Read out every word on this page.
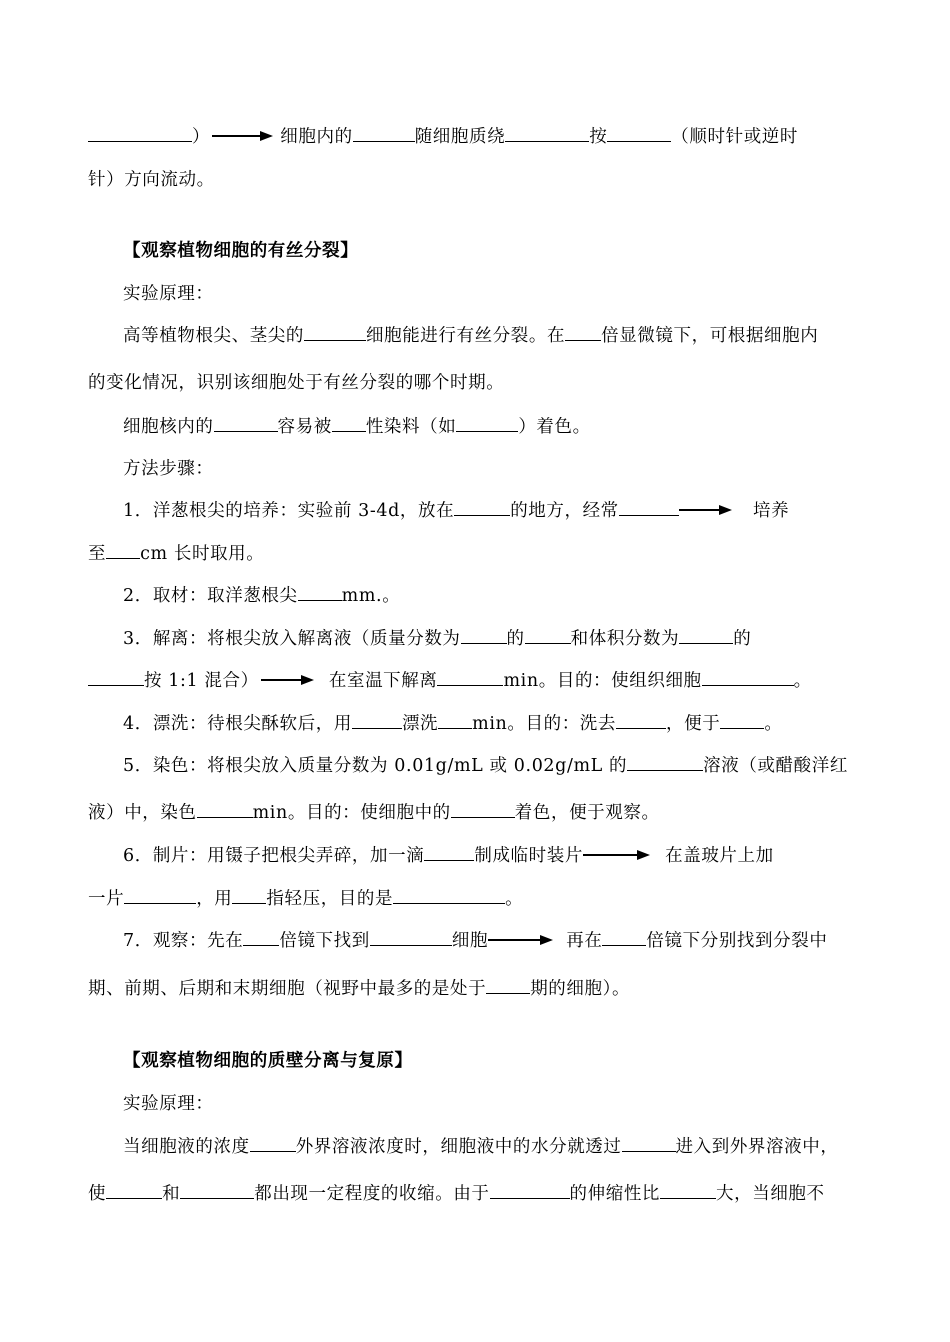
）	细胞内的	随细胞质绕	按	（顺时针或逆时
针）方向流动。
【观察植物细胞的有丝分裂】
实验原理：
高等植物根尖、茎尖的	细胞能进行有丝分裂。在 倍显微镜下，可根据细胞内
的变化情况，识别该细胞处于有丝分裂的哪个时期。
细胞核内的	容易被 性染料（如	）着色。
方法步骤：
1．洋葱根尖的培养：实验前 3-4d，放在	的地方，经常	培养
至 cm 长时取用。
2．取材：取洋葱根尖	mm.。
3．解离：将根尖放入解离液（质量分数为	的	和体积分数为	的
按 1:1 混合）	在室温下解离	min。目的：使组织细胞	。
4．漂洗：待根尖酥软后，用	漂洗 min。目的：洗去	，便于	。
5．染色：将根尖放入质量分数为 0.01g/mL 或 0.02g/mL 的	溶液（或醋酸洋红
液）中，染色	min。目的：使细胞中的	着色，便于观察。
6．制片：用镊子把根尖弄碎，加一滴	制成临时装片	在盖玻片上加
一片	，用 指轻压，目的是	。
7．观察：先在 倍镜下找到	细胞	再在	倍镜下分别找到分裂中
期、前期、后期和末期细胞（视野中最多的是处于	期的细胞）。
【观察植物细胞的质壁分离与复原】
实验原理：
当细胞液的浓度	外界溶液浓度时，细胞液中的水分就透过	进入到外界溶液中，
使	和	都出现一定程度的收缩。由于	的伸缩性比	大，当细胞不
